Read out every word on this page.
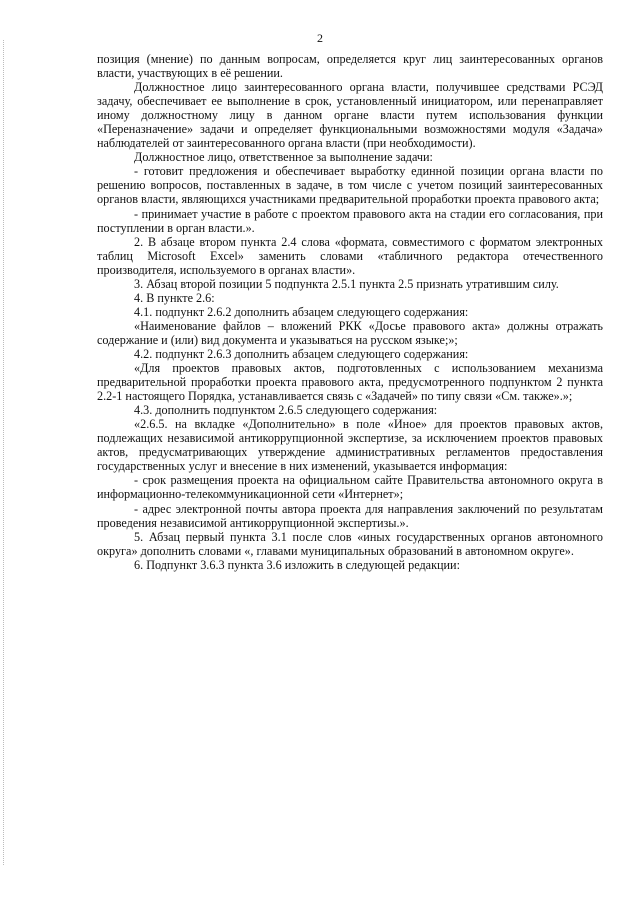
2

позиция (мнение) по данным вопросам, определяется круг лиц заинтересованных органов власти, участвующих в её решении.

Должностное лицо заинтересованного органа власти, получившее средствами РСЭД задачу, обеспечивает ее выполнение в срок, установленный инициатором, или перенаправляет иному должностному лицу в данном органе власти путем использования функции «Переназначение» задачи и определяет функциональными возможностями модуля «Задача» наблюдателей от заинтересованного органа власти (при необходимости).

Должностное лицо, ответственное за выполнение задачи:

- готовит предложения и обеспечивает выработку единной позиции органа власти по решению вопросов, поставленных в задаче, в том числе с учетом позиций заинтересованных органов власти, являющихся участниками предварительной проработки проекта правового акта;

- принимает участие в работе с проектом правового акта на стадии его согласования, при поступлении в орган власти.».

2. В абзаце втором пункта 2.4 слова «формата, совместимого с форматом электронных таблиц Microsoft Excel» заменить словами «табличного редактора отечественного производителя, используемого в органах власти».

3. Абзац второй позиции 5 подпункта 2.5.1 пункта 2.5 признать утратившим силу.

4. В пункте 2.6:

4.1. подпункт 2.6.2 дополнить абзацем следующего содержания:

«Наименование файлов – вложений РКК «Досье правового акта» должны отражать содержание и (или) вид документа и указываться на русском языке;»;

4.2. подпункт 2.6.3 дополнить абзацем следующего содержания:

«Для проектов правовых актов, подготовленных с использованием механизма предварительной проработки проекта правового акта, предусмотренного подпунктом 2 пункта 2.2-1 настоящего Порядка, устанавливается связь с «Задачей» по типу связи «См. также».»;

4.3. дополнить подпунктом 2.6.5 следующего содержания:

«2.6.5. на вкладке «Дополнительно» в поле «Иное» для проектов правовых актов, подлежащих независимой антикоррупционной экспертизе, за исключением проектов правовых актов, предусматривающих утверждение административных регламентов предоставления государственных услуг и внесение в них изменений, указывается информация:

- срок размещения проекта на официальном сайте Правительства автономного округа в информационно-телекоммуникационной сети «Интернет»;

- адрес электронной почты автора проекта для направления заключений по результатам проведения независимой антикоррупционной экспертизы.».

5. Абзац первый пункта 3.1 после слов «иных государственных органов автономного округа» дополнить словами «, главами муниципальных образований в автономном округе».

6. Подпункт 3.6.3 пункта 3.6 изложить в следующей редакции:
